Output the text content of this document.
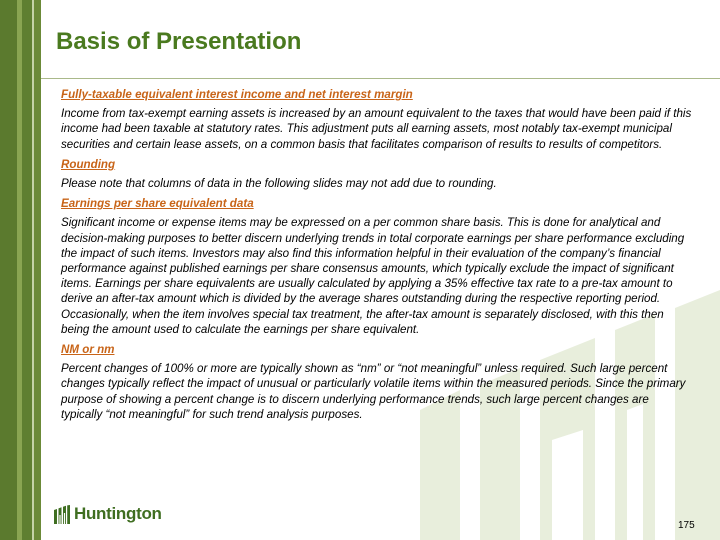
Basis of Presentation

Fully-taxable equivalent interest income and net interest margin

Income from tax-exempt earning assets is increased by an amount equivalent to the taxes that would have been paid if this income had been taxable at statutory rates. This adjustment puts all earning assets, most notably tax-exempt municipal securities and certain lease assets, on a common basis that facilitates comparison of results to results of competitors.

Rounding

Please note that columns of data in the following slides may not add due to rounding.

Earnings per share equivalent data

Significant income or expense items may be expressed on a per common share basis. This is done for analytical and decision-making purposes to better discern underlying trends in total corporate earnings per share performance excluding the impact of such items. Investors may also find this information helpful in their evaluation of the company’s financial performance against published earnings per share consensus amounts, which typically exclude the impact of significant items. Earnings per share equivalents are usually calculated by applying a 35% effective tax rate to a pre-tax amount to derive an after-tax amount which is divided by the average shares outstanding during the respective reporting period. Occasionally, when the item involves special tax treatment, the after-tax amount is separately disclosed, with this then being the amount used to calculate the earnings per share equivalent.

NM or nm

Percent changes of 100% or more are typically shown as “nm” or “not meaningful” unless required. Such large percent changes typically reflect the impact of unusual or particularly volatile items within the measured periods. Since the primary purpose of showing a percent change is to discern underlying performance trends, such large percent changes are typically “not meaningful” for such trend analysis purposes.

Huntington
175
